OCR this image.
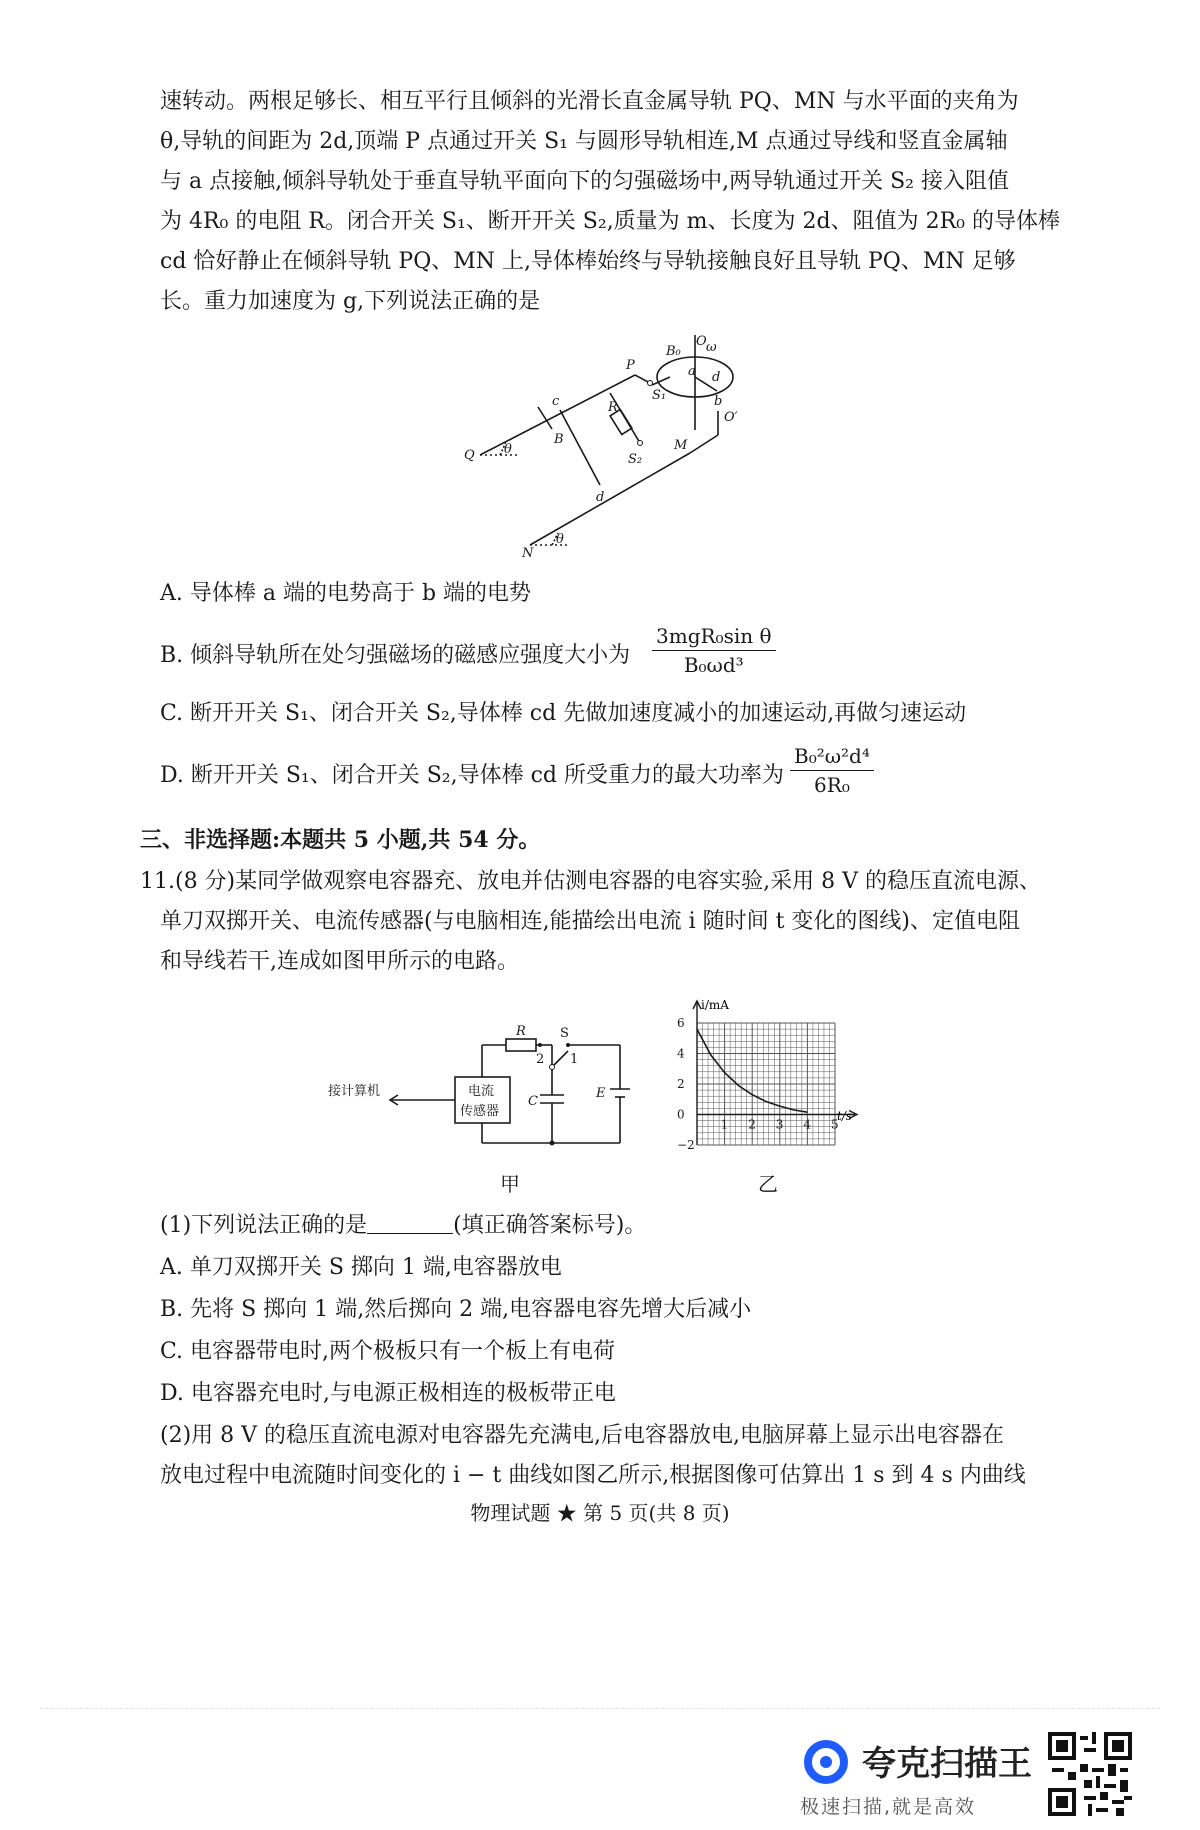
速转动。两根足够长、相互平行且倾斜的光滑长直金属导轨 PQ、MN 与水平面的夹角为
θ,导轨的间距为 2d,顶端 P 点通过开关 S₁ 与圆形导轨相连,M 点通过导线和竖直金属轴
与 a 点接触,倾斜导轨处于垂直导轨平面向下的匀强磁场中,两导轨通过开关 S₂ 接入阻值
为 4R₀ 的电阻 R。闭合开关 S₁、断开开关 S₂,质量为 m、长度为 2d、阻值为 2R₀ 的导体棒
cd 恰好静止在倾斜导轨 PQ、MN 上,导体棒始终与导轨接触良好且导轨 PQ、MN 足够
长。重力加速度为 g,下列说法正确的是
O ω
B₀
P
S₁
a d
b
O′
c	R
S₂
M
d
Q
B
θ
N
θ
A. 导体棒 a 端的电势高于 b 端的电势
B. 倾斜导轨所在处匀强磁场的磁感应强度大小为
3mgR₀sin θ
B₀ωd³
C. 断开开关 S₁、闭合开关 S₂,导体棒 cd 先做加速度减小的加速运动,再做匀速运动
D. 断开开关 S₁、闭合开关 S₂,导体棒 cd 所受重力的最大功率为 $\frac{\text{B₀²ω²d⁴}}{\text{6R₀}}$
三、非选择题:本题共 5 小题,共 54 分。
11.(8 分)某同学做观察电容器充、放电并估测电容器的电容实验,采用 8 V 的稳压直流电源、
单刀双掷开关、电流传感器(与电脑相连,能描绘出电流 i 随时间 t 变化的图线)、定值电阻
和导线若干,连成如图甲所示的电路。
接计算机	电流
传感器
R	S
2 1
C
E
甲
6
4
2
0
−2
1 2 3 4 5
i/mA
t/s
乙
(1)下列说法正确的是	(填正确答案标号)。
A. 单刀双掷开关 S 掷向 1 端,电容器放电
B. 先将 S 掷向 1 端,然后掷向 2 端,电容器电容先增大后减小
C. 电容器带电时,两个极板只有一个板上有电荷
D. 电容器充电时,与电源正极相连的极板带正电
(2)用 8 V 的稳压直流电源对电容器先充满电,后电容器放电,电脑屏幕上显示出电容器在
放电过程中电流随时间变化的 i − t 曲线如图乙所示,根据图像可估算出 1 s 到 4 s 内曲线
物理试题 ★ 第 5 页(共 8 页)
夸克扫描王
极速扫描,就是高效
